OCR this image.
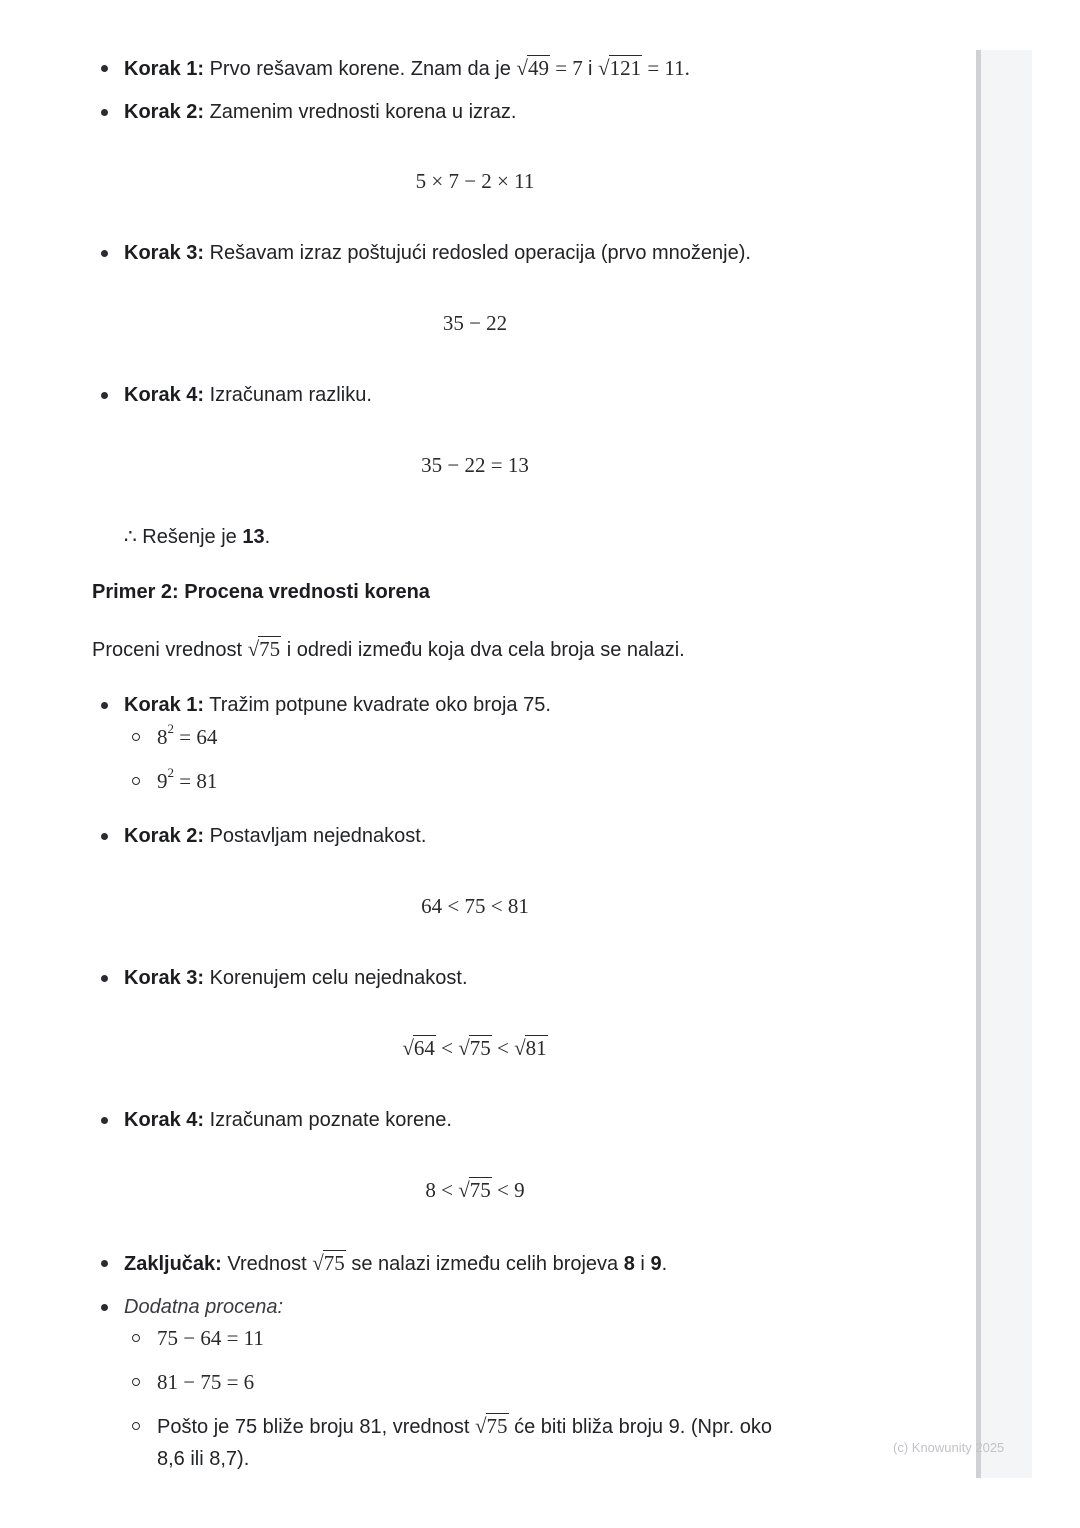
Korak 1: Prvo rešavam korene. Znam da je √49 = 7 i √121 = 11.
Korak 2: Zamenim vrednosti korena u izraz.
5 × 7 − 2 × 11
Korak 3: Rešavam izraz poštujući redosled operacija (prvo množenje).
35 − 22
Korak 4: Izračunam razliku.
35 − 22 = 13
∴ Rešenje je 13.
Primer 2: Procena vrednosti korena
Proceni vrednost √75 i odredi između koja dva cela broja se nalazi.
Korak 1: Tražim potpune kvadrate oko broja 75.
$8^2 = 64$
$9^2 = 81$
Korak 2: Postavljam nejednakost.
64 < 75 < 81
Korak 3: Korenujem celu nejednakost.
√64 < √75 < √81
Korak 4: Izračunam poznate korene.
8 < √75 < 9
Zaključak: Vrednost √75 se nalazi između celih brojeva 8 i 9.
Dodatna procena:
75 − 64 = 11
81 − 75 = 6
Pošto je 75 bliže broju 81, vrednost √75 će biti bliža broju 9. (Npr. oko
8,6 ili 8,7).
(c) Knowunity 2025
